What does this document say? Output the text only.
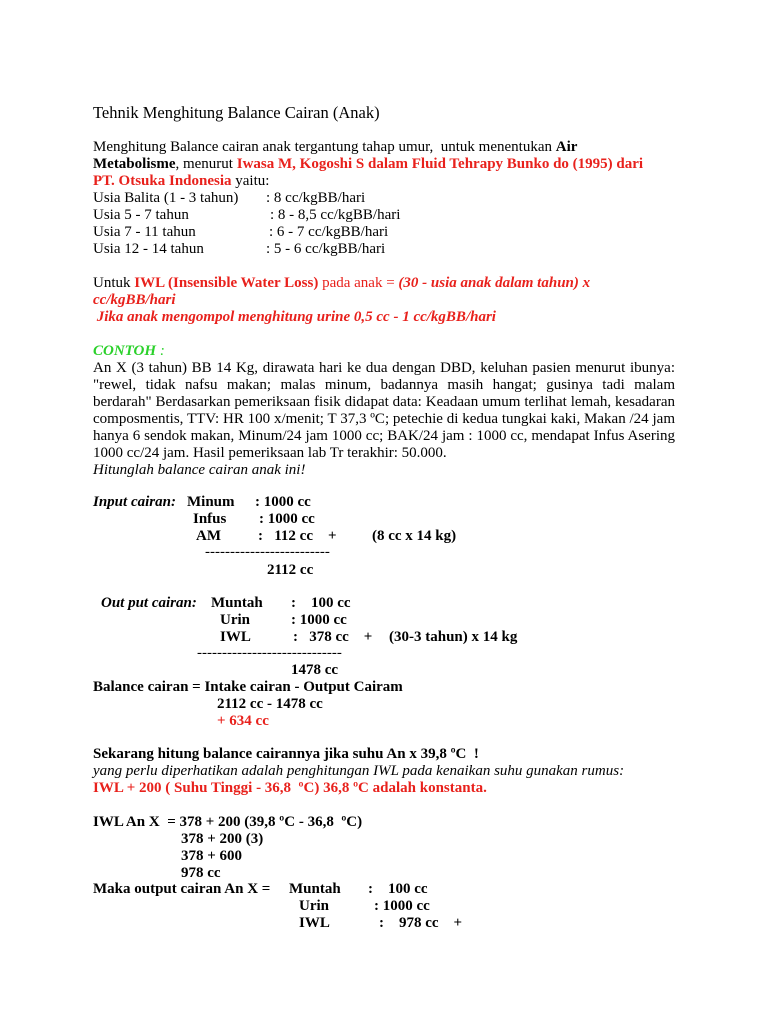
Tehnik Menghitung Balance Cairan (Anak)
Menghitung Balance cairan anak tergantung tahap umur,  untuk menentukan Air
Metabolisme, menurut Iwasa M, Kogoshi S dalam Fluid Tehrapy Bunko do (1995) dari
PT. Otsuka Indonesia yaitu:
Usia Balita (1 - 3 tahun) : 8 cc/kgBB/hari
Usia 5 - 7 tahun	: 8 - 8,5 cc/kgBB/hari
Usia 7 - 11 tahun	: 6 - 7 cc/kgBB/hari
Usia 12 - 14 tahun	: 5 - 6 cc/kgBB/hari
Untuk IWL (Insensible Water Loss) pada anak = (30 - usia anak dalam tahun) x
cc/kgBB/hari
Jika anak mengompol menghitung urine 0,5 cc - 1 cc/kgBB/hari
CONTOH :
An X (3 tahun) BB 14 Kg, dirawata hari ke dua dengan DBD, keluhan pasien menurut ibunya: "rewel, tidak nafsu makan; malas minum, badannya masih hangat; gusinya tadi malam berdarah" Berdasarkan pemeriksaan fisik didapat data: Keadaan umum terlihat lemah, kesadaran composmentis, TTV: HR 100 x/menit; T 37,3 ºC; petechie di kedua tungkai kaki, Makan /24 jam hanya 6 sendok makan, Minum/24 jam 1000 cc; BAK/24 jam : 1000 cc, mendapat Infus Asering 1000 cc/24 jam. Hasil pemeriksaan lab Tr terakhir: 50.000.
Hitunglah balance cairan anak ini!
Input cairan: Minum : 1000 cc
Infus : 1000 cc
AM :   112 cc    + (8 cc x 14 kg)
-------------------------
2112 cc
Out put cairan: Muntah :    100 cc
Urin	: 1000 cc
IWL	:   378 cc    + (30-3 tahun) x 14 kg
-----------------------------
1478 cc
Balance cairan = Intake cairan - Output Cairam
2112 cc - 1478 cc
+ 634 cc
Sekarang hitung balance cairannya jika suhu An x 39,8 ºC  !
yang perlu diperhatikan adalah penghitungan IWL pada kenaikan suhu gunakan rumus:
IWL + 200 ( Suhu Tinggi - 36,8  ºC) 36,8 ºC adalah konstanta.
IWL An X  = 378 + 200 (39,8 ºC - 36,8  ºC)
378 + 200 (3)
378 + 600
978 cc
Maka output cairan An X = Muntah :    100 cc
Urin	: 1000 cc
IWL	:    978 cc    +
